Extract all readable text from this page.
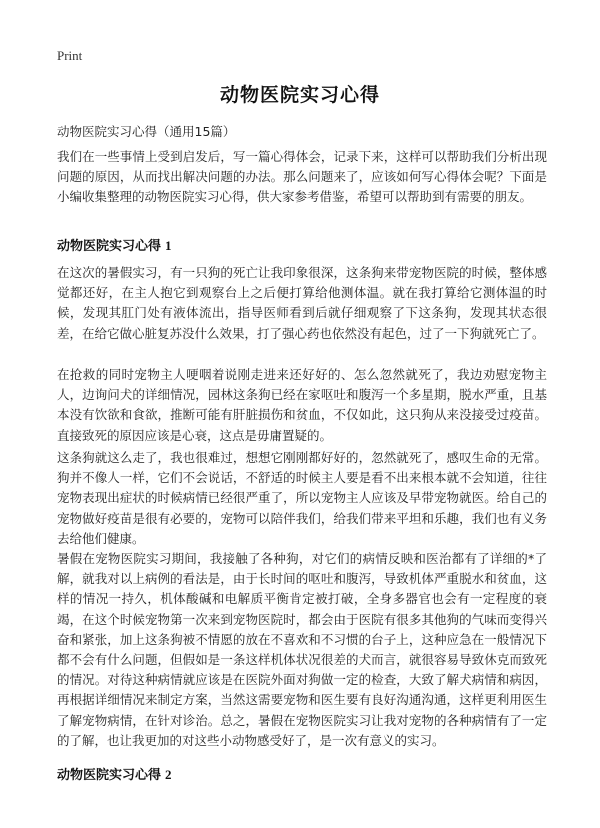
Print
动物医院实习心得
动物医院实习心得（通用15篇）

我们在一些事情上受到启发后，写一篇心得体会，记录下来，这样可以帮助我们分析出现问题的原因，从而找出解决问题的办法。那么问题来了，应该如何写心得体会呢？下面是小编收集整理的动物医院实习心得，供大家参考借鉴，希望可以帮助到有需要的朋友。

动物医院实习心得 1

在这次的暑假实习，有一只狗的死亡让我印象很深，这条狗来带宠物医院的时候，整体感觉都还好，在主人抱它到观察台上之后便打算给他测体温。就在我打算给它测体温的时候，发现其肛门处有液体流出，指导医师看到后就仔细观察了下这条狗，发现其状态很差，在给它做心脏复苏没什么效果，打了强心药也依然没有起色，过了一下狗就死亡了。

在抢救的同时宠物主人哽咽着说刚走进来还好好的、怎么忽然就死了，我边劝慰宠物主人，边询问犬的详细情况，园林这条狗已经在家呕吐和腹泻一个多星期，脱水严重，且基本没有饮欲和食欲，推断可能有肝脏损伤和贫血，不仅如此，这只狗从来没接受过疫苗。直接致死的原因应该是心衰，这点是毋庸置疑的。

这条狗就这么走了，我也很难过，想想它刚刚都好好的，忽然就死了，感叹生命的无常。狗并不像人一样，它们不会说话，不舒适的时候主人要是看不出来根本就不会知道，往往宠物表现出症状的时候病情已经很严重了，所以宠物主人应该及早带宠物就医。给自己的宠物做好疫苗是很有必要的，宠物可以陪伴我们，给我们带来平坦和乐趣，我们也有义务去给他们健康。

暑假在宠物医院实习期间，我接触了各种狗，对它们的病情反映和医治都有了详细的*了解，就我对以上病例的看法是，由于长时间的呕吐和腹泻，导致机体严重脱水和贫血，这样的情况一持久，机体酸碱和电解质平衡肯定被打破，全身多器官也会有一定程度的衰竭，在这个时候宠物第一次来到宠物医院时，都会由于医院有很多其他狗的气味而变得兴奋和紧张，加上这条狗被不情愿的放在不喜欢和不习惯的台子上，这种应急在一般情况下都不会有什么问题，但假如是一条这样机体状况很差的犬而言，就很容易导致休克而致死的情况。对待这种病情就应该是在医院外面对狗做一定的检查，大致了解犬病情和病因，再根据详细情况来制定方案，当然这需要宠物和医生要有良好沟通沟通，这样更利用医生了解宠物病情，在针对诊治。总之，暑假在宠物医院实习让我对宠物的各种病情有了一定的了解，也让我更加的对这些小动物感受好了，是一次有意义的实习。

动物医院实习心得 2
